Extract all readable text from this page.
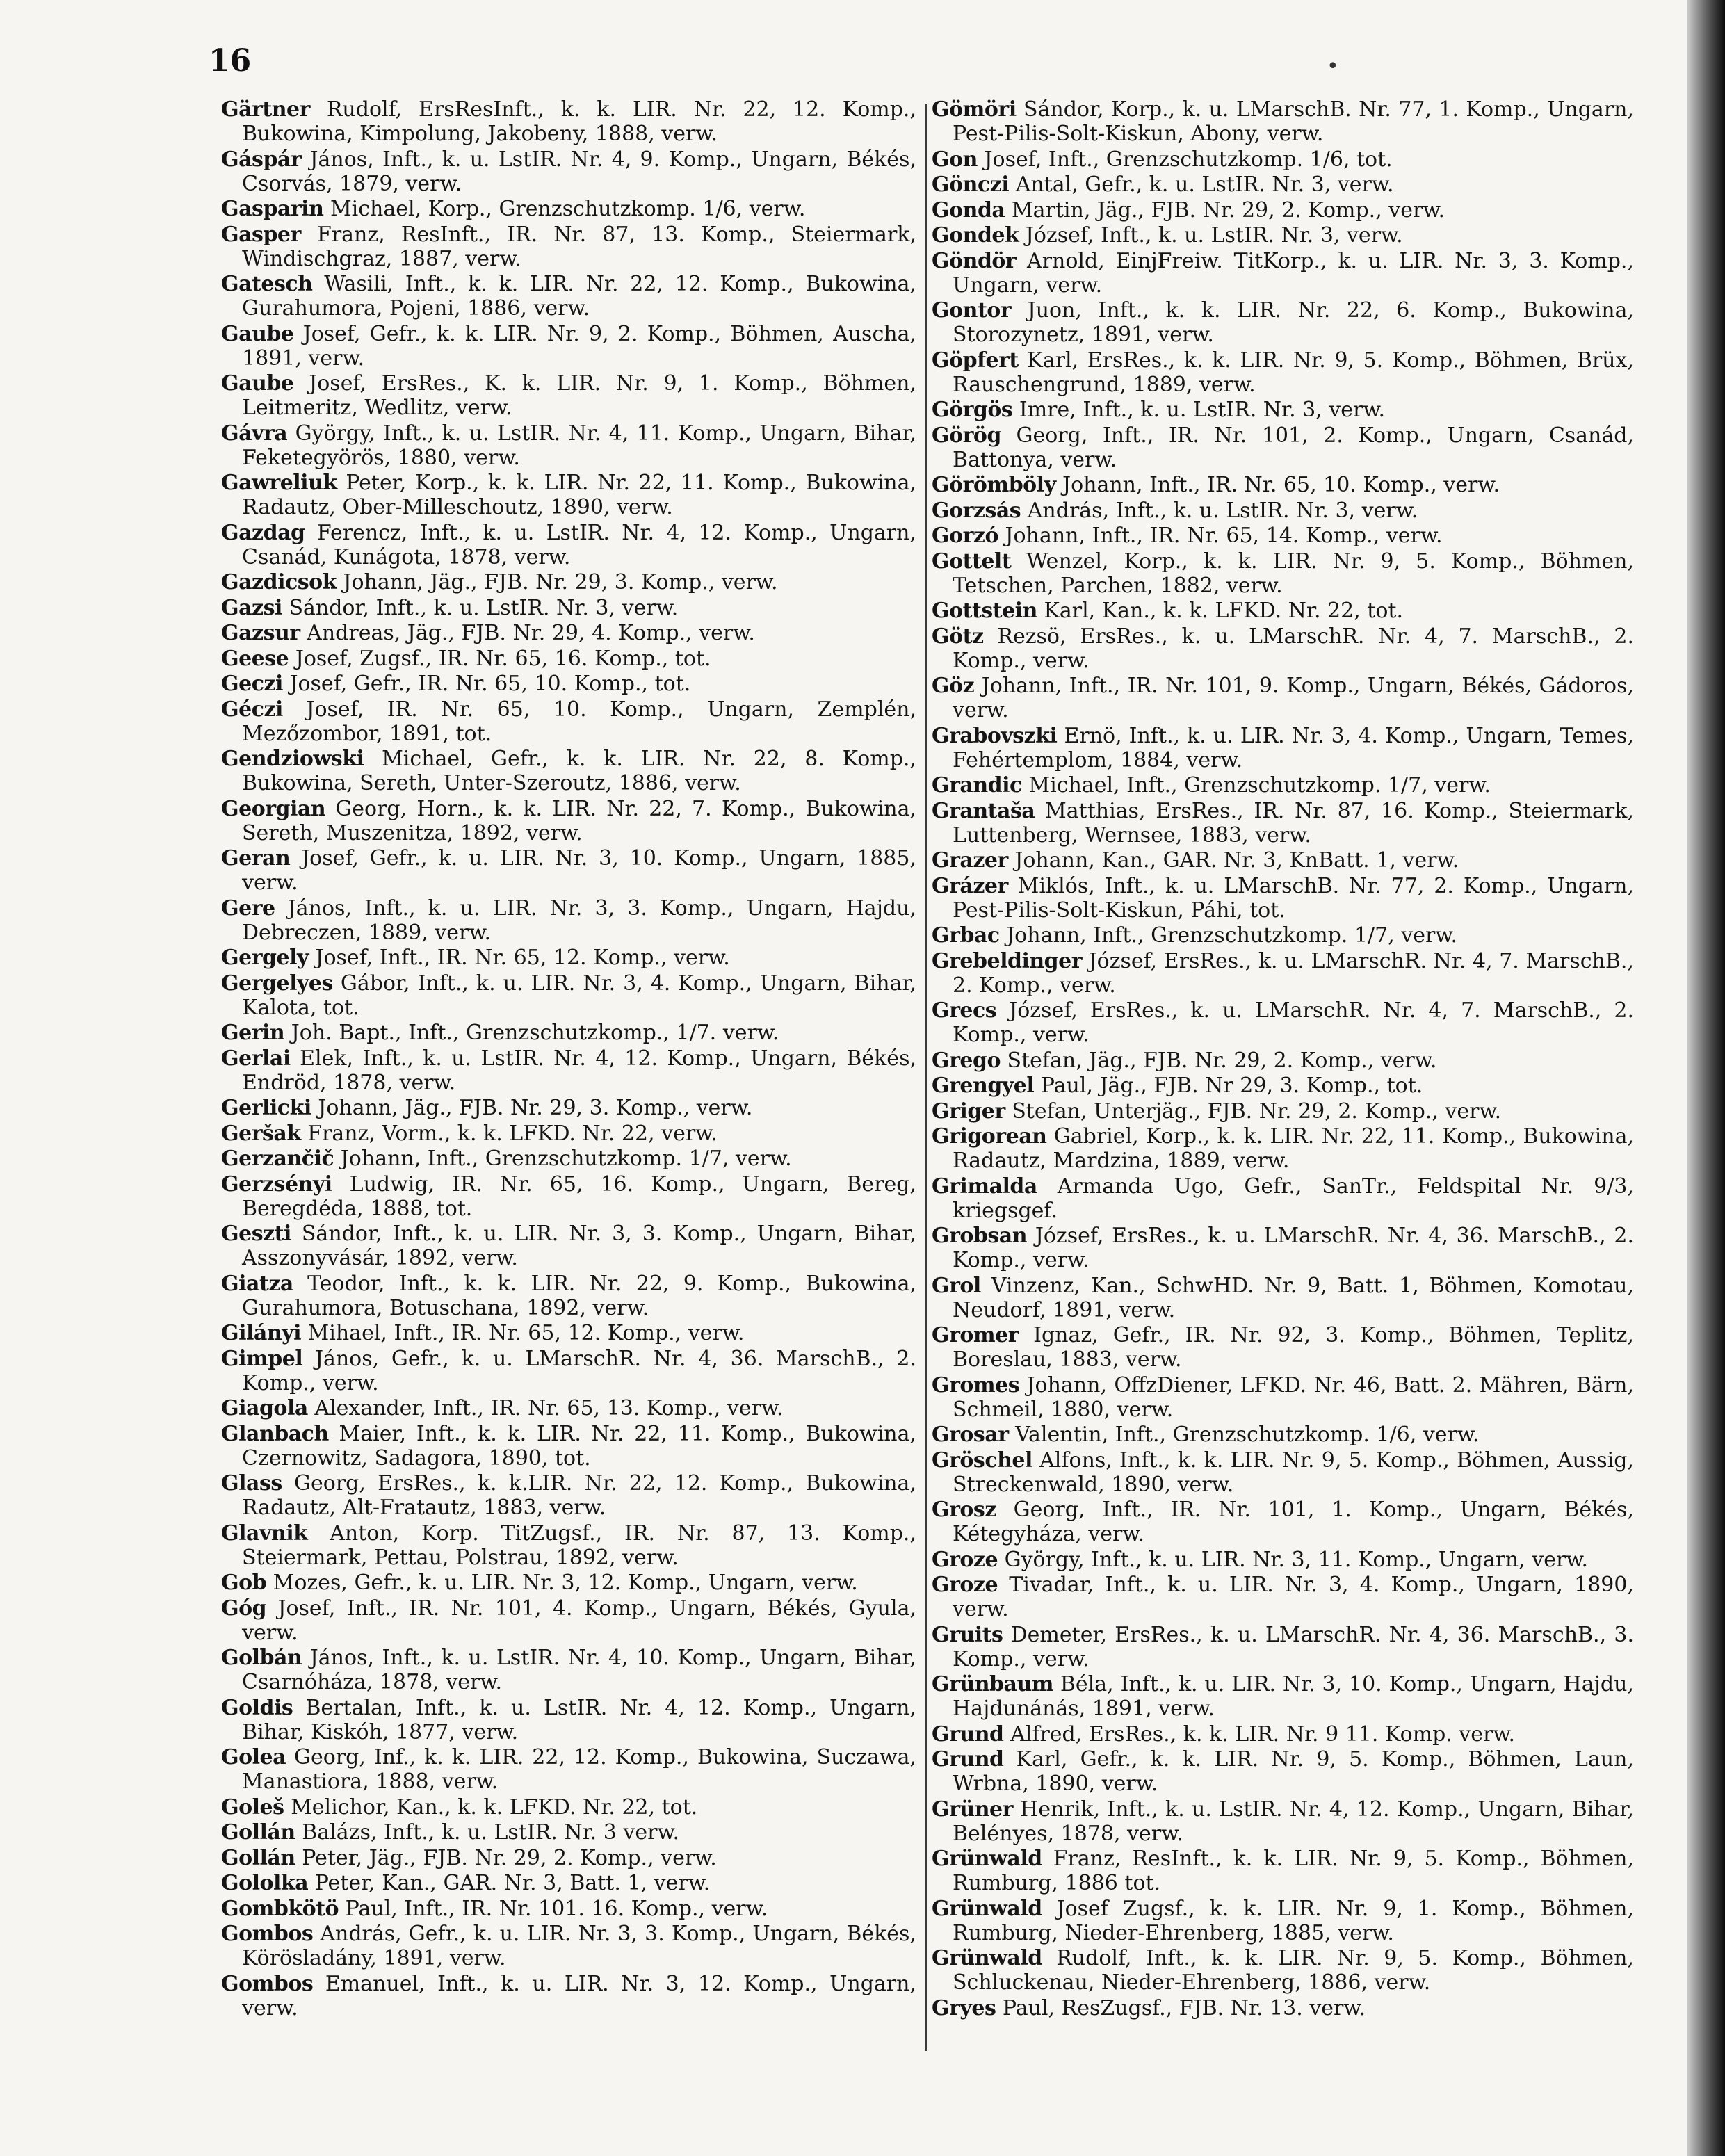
16

Gärtner Rudolf, ErsResInft., k. k. LIR. Nr. 22, 12. Komp., Bukowina, Kimpolung, Jakobeny, 1888, verw.

Gáspár János, Inft., k. u. LstIR. Nr. 4, 9. Komp., Ungarn, Békés, Csorvás, 1879, verw.

Gasparin Michael, Korp., Grenzschutzkomp. 1/6, verw.

Gasper Franz, ResInft., IR. Nr. 87, 13. Komp., Steiermark, Windischgraz, 1887, verw.

Gatesch Wasili, Inft., k. k. LIR. Nr. 22, 12. Komp., Bukowina, Gurahumora, Pojeni, 1886, verw.

Gaube Josef, Gefr., k. k. LIR. Nr. 9, 2. Komp., Böhmen, Auscha, 1891, verw.

Gaube Josef, ErsRes., K. k. LIR. Nr. 9, 1. Komp., Böhmen, Leitmeritz, Wedlitz, verw.

Gávra György, Inft., k. u. LstIR. Nr. 4, 11. Komp., Ungarn, Bihar, Feketegyörös, 1880, verw.

Gawreliuk Peter, Korp., k. k. LIR. Nr. 22, 11. Komp., Bukowina, Radautz, Ober-Milleschoutz, 1890, verw.

Gazdag Ferencz, Inft., k. u. LstIR. Nr. 4, 12. Komp., Ungarn, Csanád, Kunágota, 1878, verw.

Gazdicsok Johann, Jäg., FJB. Nr. 29, 3. Komp., verw.

Gazsi Sándor, Inft., k. u. LstIR. Nr. 3, verw.

Gazsur Andreas, Jäg., FJB. Nr. 29, 4. Komp., verw.

Geese Josef, Zugsf., IR. Nr. 65, 16. Komp., tot.

Geczi Josef, Gefr., IR. Nr. 65, 10. Komp., tot.

Géczi Josef, IR. Nr. 65, 10. Komp., Ungarn, Zemplén, Mezőzombor, 1891, tot.

Gendziowski Michael, Gefr., k. k. LIR. Nr. 22, 8. Komp., Bukowina, Sereth, Unter-Szeroutz, 1886, verw.

Georgian Georg, Horn., k. k. LIR. Nr. 22, 7. Komp., Bukowina, Sereth, Muszenitza, 1892, verw.

Geran Josef, Gefr., k. u. LIR. Nr. 3, 10. Komp., Ungarn, 1885, verw.

Gere János, Inft., k. u. LIR. Nr. 3, 3. Komp., Ungarn, Hajdu, Debreczen, 1889, verw.

Gergely Josef, Inft., IR. Nr. 65, 12. Komp., verw.

Gergelyes Gábor, Inft., k. u. LIR. Nr. 3, 4. Komp., Ungarn, Bihar, Kalota, tot.

Gerin Joh. Bapt., Inft., Grenzschutzkomp., 1/7. verw.

Gerlai Elek, Inft., k. u. LstIR. Nr. 4, 12. Komp., Ungarn, Békés, Endröd, 1878, verw.

Gerlicki Johann, Jäg., FJB. Nr. 29, 3. Komp., verw.

Geršak Franz, Vorm., k. k. LFKD. Nr. 22, verw.

Gerzančič Johann, Inft., Grenzschutzkomp. 1/7, verw.

Gerzsényi Ludwig, IR. Nr. 65, 16. Komp., Ungarn, Bereg, Beregdéda, 1888, tot.

Geszti Sándor, Inft., k. u. LIR. Nr. 3, 3. Komp., Ungarn, Bihar, Asszonyvásár, 1892, verw.

Giatza Teodor, Inft., k. k. LIR. Nr. 22, 9. Komp., Bukowina, Gurahumora, Botuschana, 1892, verw.

Gilányi Mihael, Inft., IR. Nr. 65, 12. Komp., verw.

Gimpel János, Gefr., k. u. LMarschR. Nr. 4, 36. MarschB., 2. Komp., verw.

Giagola Alexander, Inft., IR. Nr. 65, 13. Komp., verw.

Glanbach Maier, Inft., k. k. LIR. Nr. 22, 11. Komp., Bukowina, Czernowitz, Sadagora, 1890, tot.

Glass Georg, ErsRes., k. k.LIR. Nr. 22, 12. Komp., Bukowina, Radautz, Alt-Fratautz, 1883, verw.

Glavnik Anton, Korp. TitZugsf., IR. Nr. 87, 13. Komp., Steiermark, Pettau, Polstrau, 1892, verw.

Gob Mozes, Gefr., k. u. LIR. Nr. 3, 12. Komp., Ungarn, verw.

Góg Josef, Inft., IR. Nr. 101, 4. Komp., Ungarn, Békés, Gyula, verw.

Golbán János, Inft., k. u. LstIR. Nr. 4, 10. Komp., Ungarn, Bihar, Csarnóháza, 1878, verw.

Goldis Bertalan, Inft., k. u. LstIR. Nr. 4, 12. Komp., Ungarn, Bihar, Kiskóh, 1877, verw.

Golea Georg, Inf., k. k. LIR. 22, 12. Komp., Bukowina, Suczawa, Manastiora, 1888, verw.

Goleš Melichor, Kan., k. k. LFKD. Nr. 22, tot.

Gollán Balázs, Inft., k. u. LstIR. Nr. 3 verw.

Gollán Peter, Jäg., FJB. Nr. 29, 2. Komp., verw.

Gololka Peter, Kan., GAR. Nr. 3, Batt. 1, verw.

Gombkötö Paul, Inft., IR. Nr. 101. 16. Komp., verw.

Gombos András, Gefr., k. u. LIR. Nr. 3, 3. Komp., Ungarn, Békés, Körösladány, 1891, verw.

Gombos Emanuel, Inft., k. u. LIR. Nr. 3, 12. Komp., Ungarn, verw.

Gömöri Sándor, Korp., k. u. LMarschB. Nr. 77, 1. Komp., Ungarn, Pest-Pilis-Solt-Kiskun, Abony, verw.

Gon Josef, Inft., Grenzschutzkomp. 1/6, tot.

Gönczi Antal, Gefr., k. u. LstIR. Nr. 3, verw.

Gonda Martin, Jäg., FJB. Nr. 29, 2. Komp., verw.

Gondek József, Inft., k. u. LstIR. Nr. 3, verw.

Göndör Arnold, EinjFreiw. TitKorp., k. u. LIR. Nr. 3, 3. Komp., Ungarn, verw.

Gontor Juon, Inft., k. k. LIR. Nr. 22, 6. Komp., Bukowina, Storozynetz, 1891, verw.

Göpfert Karl, ErsRes., k. k. LIR. Nr. 9, 5. Komp., Böhmen, Brüx, Rauschengrund, 1889, verw.

Görgös Imre, Inft., k. u. LstIR. Nr. 3, verw.

Görög Georg, Inft., IR. Nr. 101, 2. Komp., Ungarn, Csanád, Battonya, verw.

Görömböly Johann, Inft., IR. Nr. 65, 10. Komp., verw.

Gorzsás András, Inft., k. u. LstIR. Nr. 3, verw.

Gorzó Johann, Inft., IR. Nr. 65, 14. Komp., verw.

Gottelt Wenzel, Korp., k. k. LIR. Nr. 9, 5. Komp., Böhmen, Tetschen, Parchen, 1882, verw.

Gottstein Karl, Kan., k. k. LFKD. Nr. 22, tot.

Götz Rezsö, ErsRes., k. u. LMarschR. Nr. 4, 7. MarschB., 2. Komp., verw.

Göz Johann, Inft., IR. Nr. 101, 9. Komp., Ungarn, Békés, Gádoros, verw.

Grabovszki Ernö, Inft., k. u. LIR. Nr. 3, 4. Komp., Ungarn, Temes, Fehértemplom, 1884, verw.

Grandic Michael, Inft., Grenzschutzkomp. 1/7, verw.

Grantaša Matthias, ErsRes., IR. Nr. 87, 16. Komp., Steiermark, Luttenberg, Wernsee, 1883, verw.

Grazer Johann, Kan., GAR. Nr. 3, KnBatt. 1, verw.

Grázer Miklós, Inft., k. u. LMarschB. Nr. 77, 2. Komp., Ungarn, Pest-Pilis-Solt-Kiskun, Páhi, tot.

Grbac Johann, Inft., Grenzschutzkomp. 1/7, verw.

Grebeldinger József, ErsRes., k. u. LMarschR. Nr. 4, 7. MarschB., 2. Komp., verw.

Grecs József, ErsRes., k. u. LMarschR. Nr. 4, 7. MarschB., 2. Komp., verw.

Grego Stefan, Jäg., FJB. Nr. 29, 2. Komp., verw.

Grengyel Paul, Jäg., FJB. Nr 29, 3. Komp., tot.

Griger Stefan, Unterjäg., FJB. Nr. 29, 2. Komp., verw.

Grigorean Gabriel, Korp., k. k. LIR. Nr. 22, 11. Komp., Bukowina, Radautz, Mardzina, 1889, verw.

Grimalda Armanda Ugo, Gefr., SanTr., Feldspital Nr. 9/3, kriegsgef.

Grobsan József, ErsRes., k. u. LMarschR. Nr. 4, 36. MarschB., 2. Komp., verw.

Grol Vinzenz, Kan., SchwHD. Nr. 9, Batt. 1, Böhmen, Komotau, Neudorf, 1891, verw.

Gromer Ignaz, Gefr., IR. Nr. 92, 3. Komp., Böhmen, Teplitz, Boreslau, 1883, verw.

Gromes Johann, OffzDiener, LFKD. Nr. 46, Batt. 2. Mähren, Bärn, Schmeil, 1880, verw.

Grosar Valentin, Inft., Grenzschutzkomp. 1/6, verw.

Gröschel Alfons, Inft., k. k. LIR. Nr. 9, 5. Komp., Böhmen, Aussig, Streckenwald, 1890, verw.

Grosz Georg, Inft., IR. Nr. 101, 1. Komp., Ungarn, Békés, Kétegyháza, verw.

Groze György, Inft., k. u. LIR. Nr. 3, 11. Komp., Ungarn, verw.

Groze Tivadar, Inft., k. u. LIR. Nr. 3, 4. Komp., Ungarn, 1890, verw.

Gruits Demeter, ErsRes., k. u. LMarschR. Nr. 4, 36. MarschB., 3. Komp., verw.

Grünbaum Béla, Inft., k. u. LIR. Nr. 3, 10. Komp., Ungarn, Hajdu, Hajdunánás, 1891, verw.

Grund Alfred, ErsRes., k. k. LIR. Nr. 9 11. Komp. verw.

Grund Karl, Gefr., k. k. LIR. Nr. 9, 5. Komp., Böhmen, Laun, Wrbna, 1890, verw.

Grüner Henrik, Inft., k. u. LstIR. Nr. 4, 12. Komp., Ungarn, Bihar, Belényes, 1878, verw.

Grünwald Franz, ResInft., k. k. LIR. Nr. 9, 5. Komp., Böhmen, Rumburg, 1886 tot.

Grünwald Josef Zugsf., k. k. LIR. Nr. 9, 1. Komp., Böhmen, Rumburg, Nieder-Ehrenberg, 1885, verw.

Grünwald Rudolf, Inft., k. k. LIR. Nr. 9, 5. Komp., Böhmen, Schluckenau, Nieder-Ehrenberg, 1886, verw.

Gryes Paul, ResZugsf., FJB. Nr. 13. verw.

•
